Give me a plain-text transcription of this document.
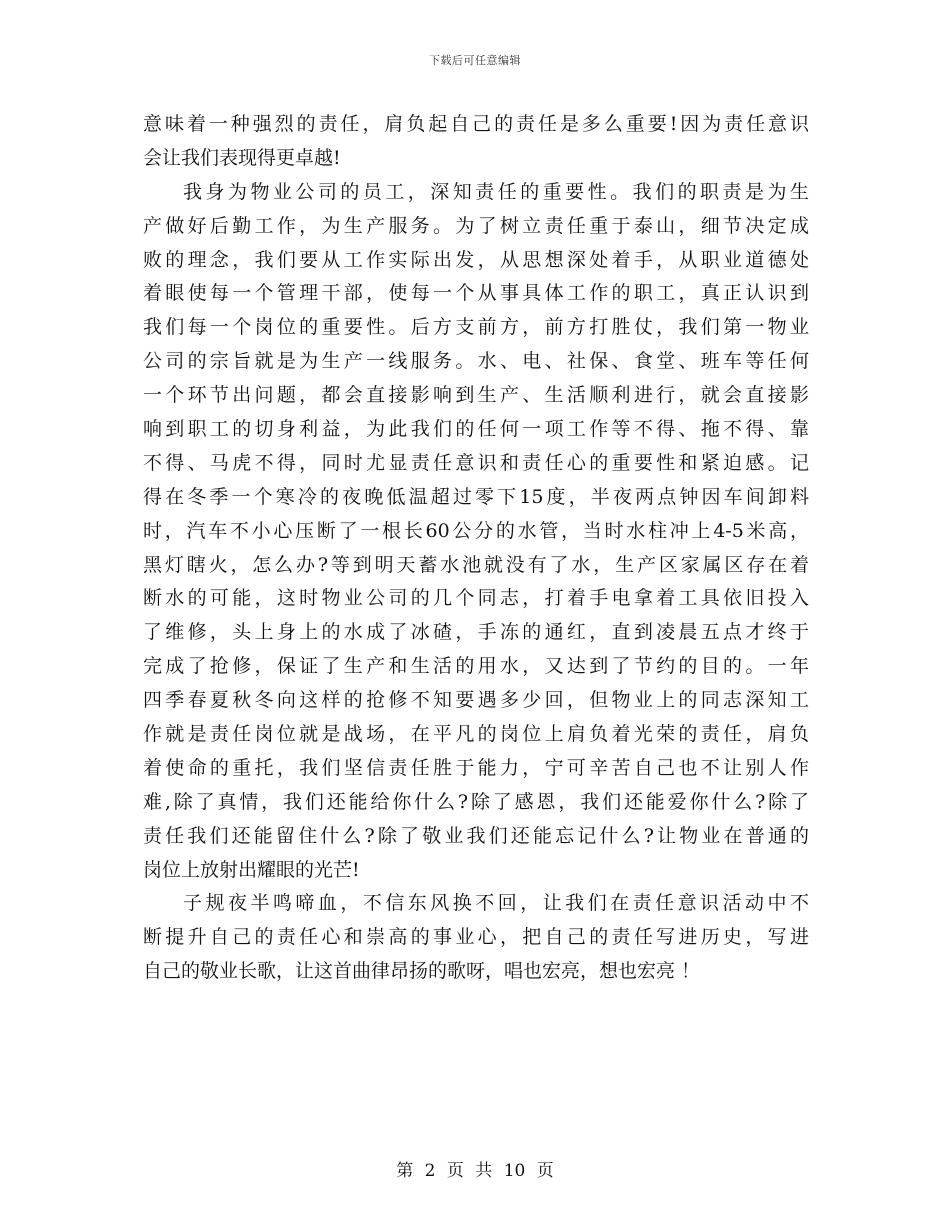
下载后可任意编辑
意味着一种强烈的责任，肩负起自己的责任是多么重要!因为责任意识
会让我们表现得更卓越!
我身为物业公司的员工，深知责任的重要性。我们的职责是为生
产做好后勤工作，为生产服务。为了树立责任重于泰山，细节决定成
败的理念，我们要从工作实际出发，从思想深处着手，从职业道德处
着眼使每一个管理干部，使每一个从事具体工作的职工，真正认识到
我们每一个岗位的重要性。后方支前方，前方打胜仗，我们第一物业
公司的宗旨就是为生产一线服务。水、电、社保、食堂、班车等任何
一个环节出问题，都会直接影响到生产、生活顺利进行，就会直接影
响到职工的切身利益，为此我们的任何一项工作等不得、拖不得、靠
不得、马虎不得，同时尤显责任意识和责任心的重要性和紧迫感。记
得在冬季一个寒冷的夜晚低温超过零下15度，半夜两点钟因车间卸料
时，汽车不小心压断了一根长60公分的水管，当时水柱冲上4-5米高，
黑灯瞎火，怎么办?等到明天蓄水池就没有了水，生产区家属区存在着
断水的可能，这时物业公司的几个同志，打着手电拿着工具依旧投入
了维修，头上身上的水成了冰碴，手冻的通红，直到凌晨五点才终于
完成了抢修，保证了生产和生活的用水，又达到了节约的目的。一年
四季春夏秋冬向这样的抢修不知要遇多少回，但物业上的同志深知工
作就是责任岗位就是战场，在平凡的岗位上肩负着光荣的责任，肩负
着使命的重托，我们坚信责任胜于能力，宁可辛苦自己也不让别人作
难,除了真情，我们还能给你什么?除了感恩，我们还能爱你什么?除了
责任我们还能留住什么?除了敬业我们还能忘记什么?让物业在普通的
岗位上放射出耀眼的光芒!
子规夜半鸣啼血，不信东风换不回，让我们在责任意识活动中不
断提升自己的责任心和崇高的事业心，把自己的责任写进历史，写进
自己的敬业长歌，让这首曲律昂扬的歌呀，唱也宏亮，想也宏亮 ！
第 2 页 共 10 页
